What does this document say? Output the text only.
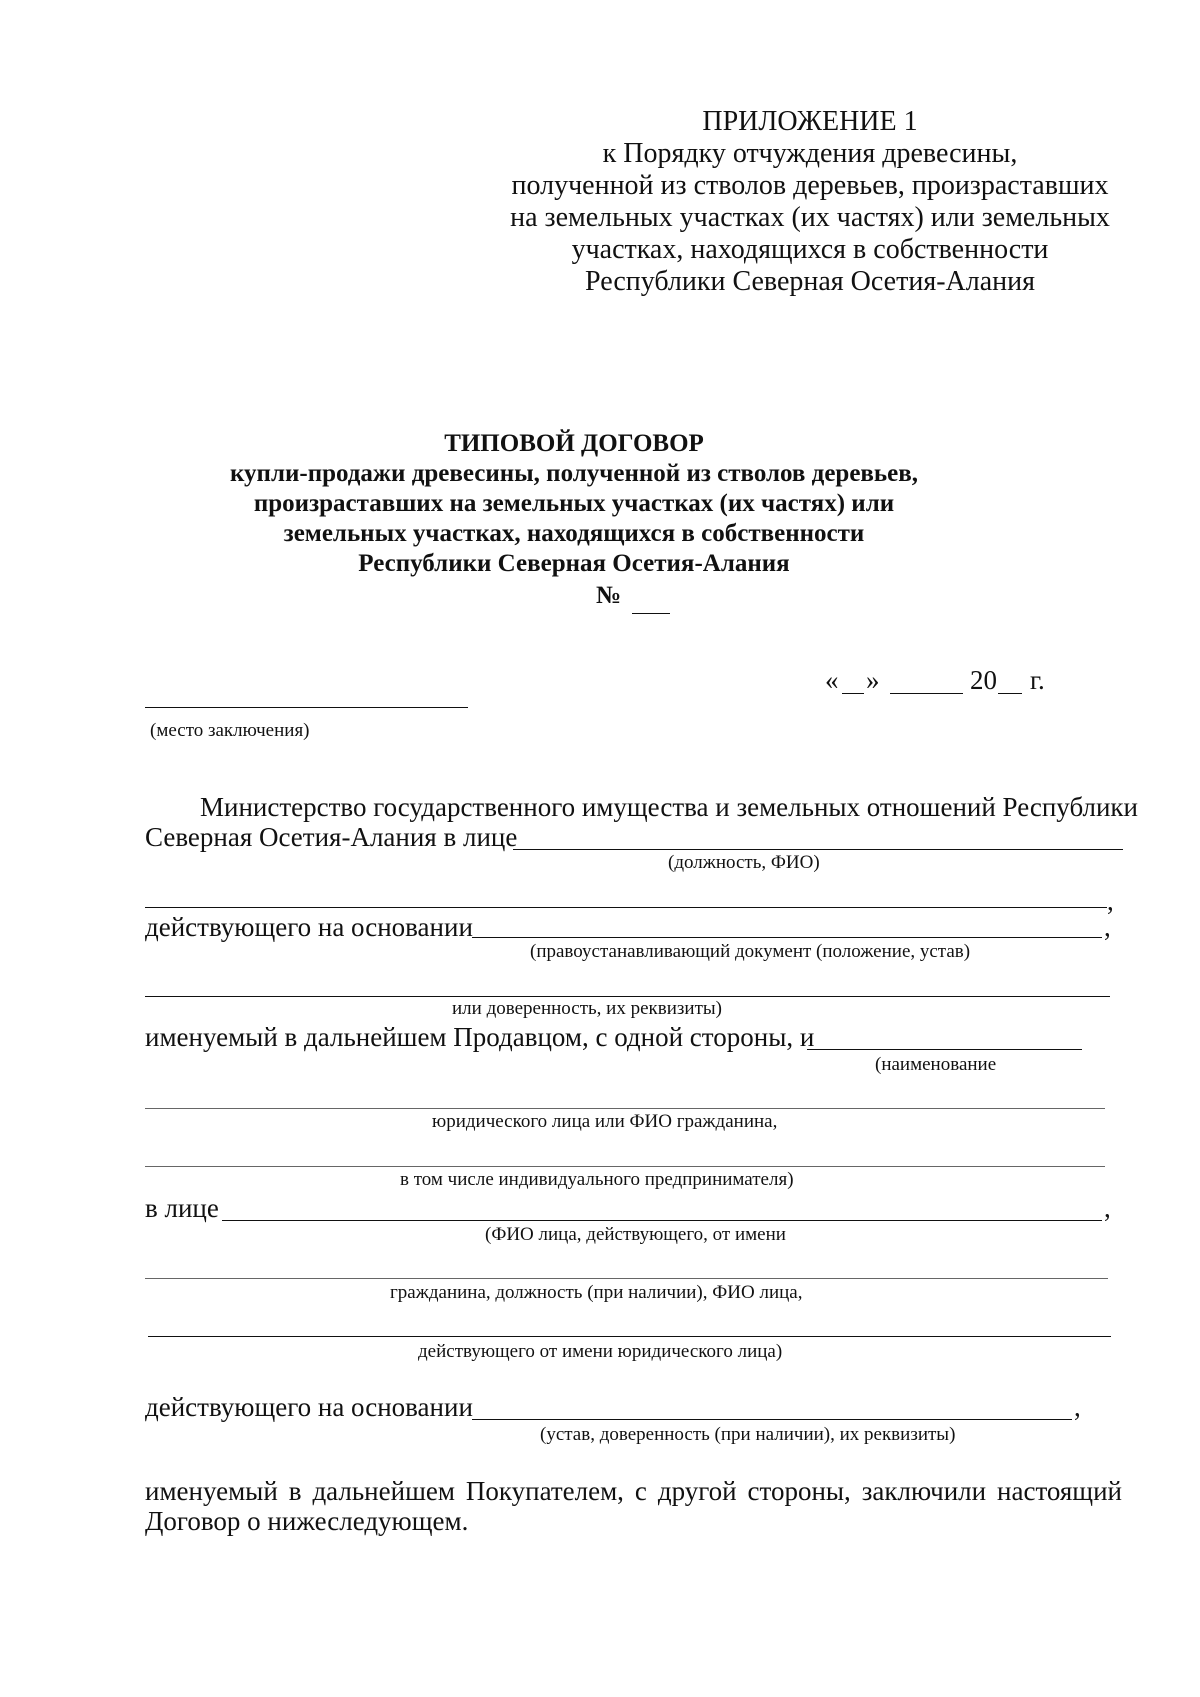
ПРИЛОЖЕНИЕ 1
к Порядку отчуждения древесины,
полученной из стволов деревьев, произраставших
на земельных участках (их частях) или земельных
участках, находящихся в собственности
Республики Северная Осетия-Алания
ТИПОВОЙ ДОГОВОР
купли-продажи древесины, полученной из стволов деревьев,
произраставших на земельных участках (их частях) или
земельных участках, находящихся в собственности
Республики Северная Осетия-Алания
№
« »	20 г.
(место заключения)
Министерство государственного имущества и земельных отношений Республики
Северная Осетия-Алания в лице
(должность, ФИО)
,
действующего на основании	,
(правоустанавливающий документ (положение, устав)
или доверенность, их реквизиты)
именуемый в дальнейшем Продавцом, с одной стороны, и
(наименование
юридического лица или ФИО гражданина,
в том числе индивидуального предпринимателя)
в лице	,
(ФИО лица, действующего, от имени
гражданина, должность (при наличии), ФИО лица,
действующего от имени юридического лица)
действующего на основании	,
(устав, доверенность (при наличии), их реквизиты)
именуемый в дальнейшем Покупателем, с другой стороны, заключили настоящий
Договор о нижеследующем.
